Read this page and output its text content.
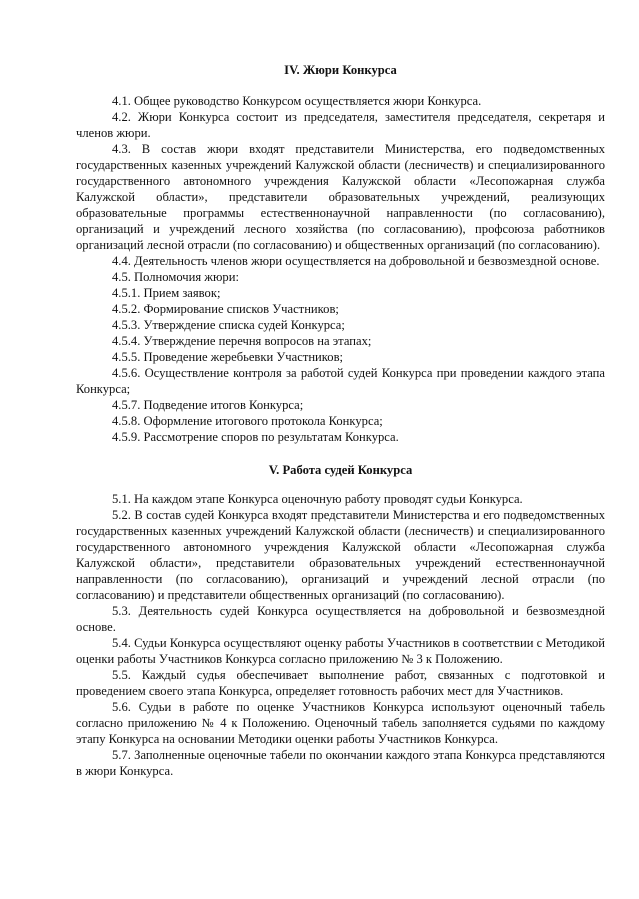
IV. Жюри Конкурса

4.1. Общее руководство Конкурсом осуществляется жюри Конкурса.

4.2. Жюри Конкурса состоит из председателя, заместителя председателя, секретаря и членов жюри.

4.3. В состав жюри входят представители Министерства, его подведомственных государственных казенных учреждений Калужской области (лесничеств) и специализированного государственного автономного учреждения Калужской области «Лесопожарная служба Калужской области», представители образовательных учреждений, реализующих образовательные программы естественнонаучной направленности (по согласованию), организаций и учреждений лесного хозяйства (по согласованию), профсоюза работников организаций лесной отрасли (по согласованию) и общественных организаций (по согласованию).

4.4. Деятельность членов жюри осуществляется на добровольной и безвозмездной основе.

4.5. Полномочия жюри:

4.5.1. Прием заявок;

4.5.2. Формирование списков Участников;

4.5.3. Утверждение списка судей Конкурса;

4.5.4. Утверждение перечня вопросов на этапах;

4.5.5. Проведение жеребьевки Участников;

4.5.6. Осуществление контроля за работой судей Конкурса при проведении каждого этапа Конкурса;

4.5.7. Подведение итогов Конкурса;

4.5.8. Оформление итогового протокола Конкурса;

4.5.9. Рассмотрение споров по результатам Конкурса.

V. Работа судей Конкурса

5.1. На каждом этапе Конкурса оценочную работу проводят судьи Конкурса.

5.2. В состав судей Конкурса входят представители Министерства и его подведомственных государственных казенных учреждений Калужской области (лесничеств) и специализированного государственного автономного учреждения Калужской области «Лесопожарная служба Калужской области», представители образовательных учреждений естественнонаучной направленности (по согласованию), организаций и учреждений лесной отрасли (по согласованию) и представители общественных организаций (по согласованию).

5.3. Деятельность судей Конкурса осуществляется на добровольной и безвозмездной основе.

5.4. Судьи Конкурса осуществляют оценку работы Участников в соответствии с Методикой оценки работы Участников Конкурса согласно приложению № 3 к Положению.

5.5. Каждый судья обеспечивает выполнение работ, связанных с подготовкой и проведением своего этапа Конкурса, определяет готовность рабочих мест для Участников.

5.6. Судьи в работе по оценке Участников Конкурса используют оценочный табель согласно приложению № 4 к Положению. Оценочный табель заполняется судьями по каждому этапу Конкурса на основании Методики оценки работы Участников Конкурса.

5.7. Заполненные оценочные табели по окончании каждого этапа Конкурса представляются в жюри Конкурса.
